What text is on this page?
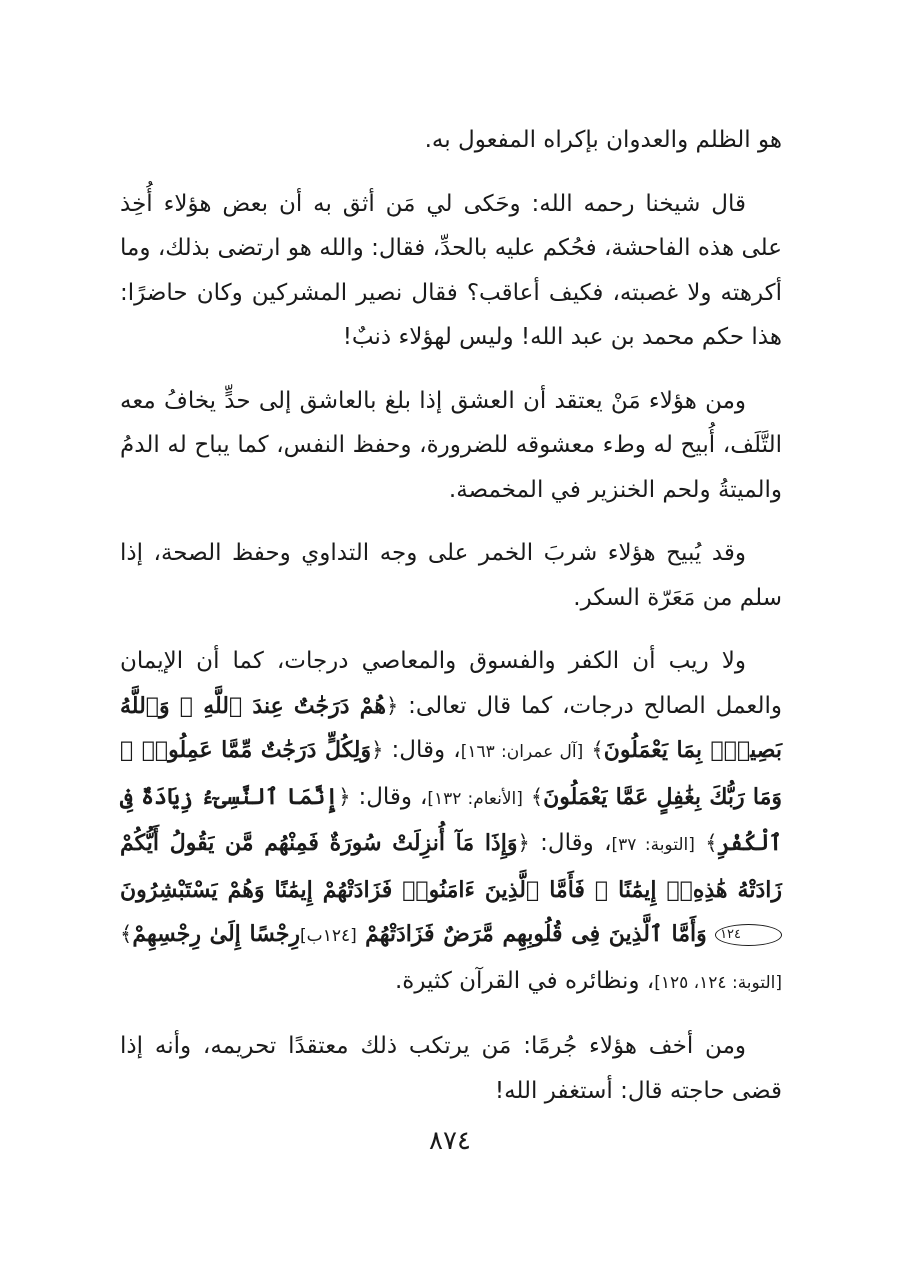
هو الظلم والعدوان بإكراه المفعول به.

قال شيخنا رحمه الله: وحَكى لي مَن أثق به أن بعض هؤلاء أُخِذ على هذه الفاحشة، فحُكم عليه بالحدِّ، فقال: والله هو ارتضى بذلك، وما أكرهته ولا غصبته، فكيف أعاقب؟ فقال نصير المشركين وكان حاضرًا: هذا حكم محمد بن عبد الله! وليس لهؤلاء ذنبٌ!

ومن هؤلاء مَنْ يعتقد أن العشق إذا بلغ بالعاشق إلى حدٍّ يخافُ معه التَّلَف، أُبيح له وطء معشوقه للضرورة، وحفظ النفس، كما يباح له الدمُ والميتةُ ولحم الخنزير في المخمصة.

وقد يُبيح هؤلاء شربَ الخمر على وجه التداوي وحفظ الصحة، إذا سلم من مَعَرّة السكر.

ولا ريب أن الكفر والفسوق والمعاصي درجات، كما أن الإيمان والعمل الصالح درجات، كما قال تعالى: ﴿هُمْ دَرَجَٰتٌ عِندَ ٱللَّهِ ۗ وَٱللَّهُ بَصِيرٌۢ بِمَا يَعْمَلُونَ﴾ [آل عمران: ١٦٣]، وقال: ﴿وَلِكُلٍّ دَرَجَٰتٌ مِّمَّا عَمِلُوا۟ ۚ وَمَا رَبُّكَ بِغَٰفِلٍ عَمَّا يَعْمَلُونَ﴾ [الأنعام: ١٣٢]، وقال: ﴿إِنَّمَا ٱلنَّسِىٓءُ زِيَادَةٌ فِى ٱلْكُفْرِ﴾ [التوبة: ٣٧]، وقال: ﴿وَإِذَا مَآ أُنزِلَتْ سُورَةٌ فَمِنْهُم مَّن يَقُولُ أَيُّكُمْ زَادَتْهُ هَٰذِهِۦٓ إِيمَٰنًا ۚ فَأَمَّا ٱلَّذِينَ ءَامَنُوا۟ فَزَادَتْهُمْ إِيمَٰنًا وَهُمْ يَسْتَبْشِرُونَ ١٢٤ وَأَمَّا ٱلَّذِينَ فِى قُلُوبِهِم مَّرَضٌ فَزَادَتْهُمْ [١٢٤ب]رِجْسًا إِلَىٰ رِجْسِهِمْ﴾ [التوبة: ١٢٤، ١٢٥]، ونظائره في القرآن كثيرة.

ومن أخف هؤلاء جُرمًا: مَن يرتكب ذلك معتقدًا تحريمه، وأنه إذا قضى حاجته قال: أستغفر الله!

٨٧٤
